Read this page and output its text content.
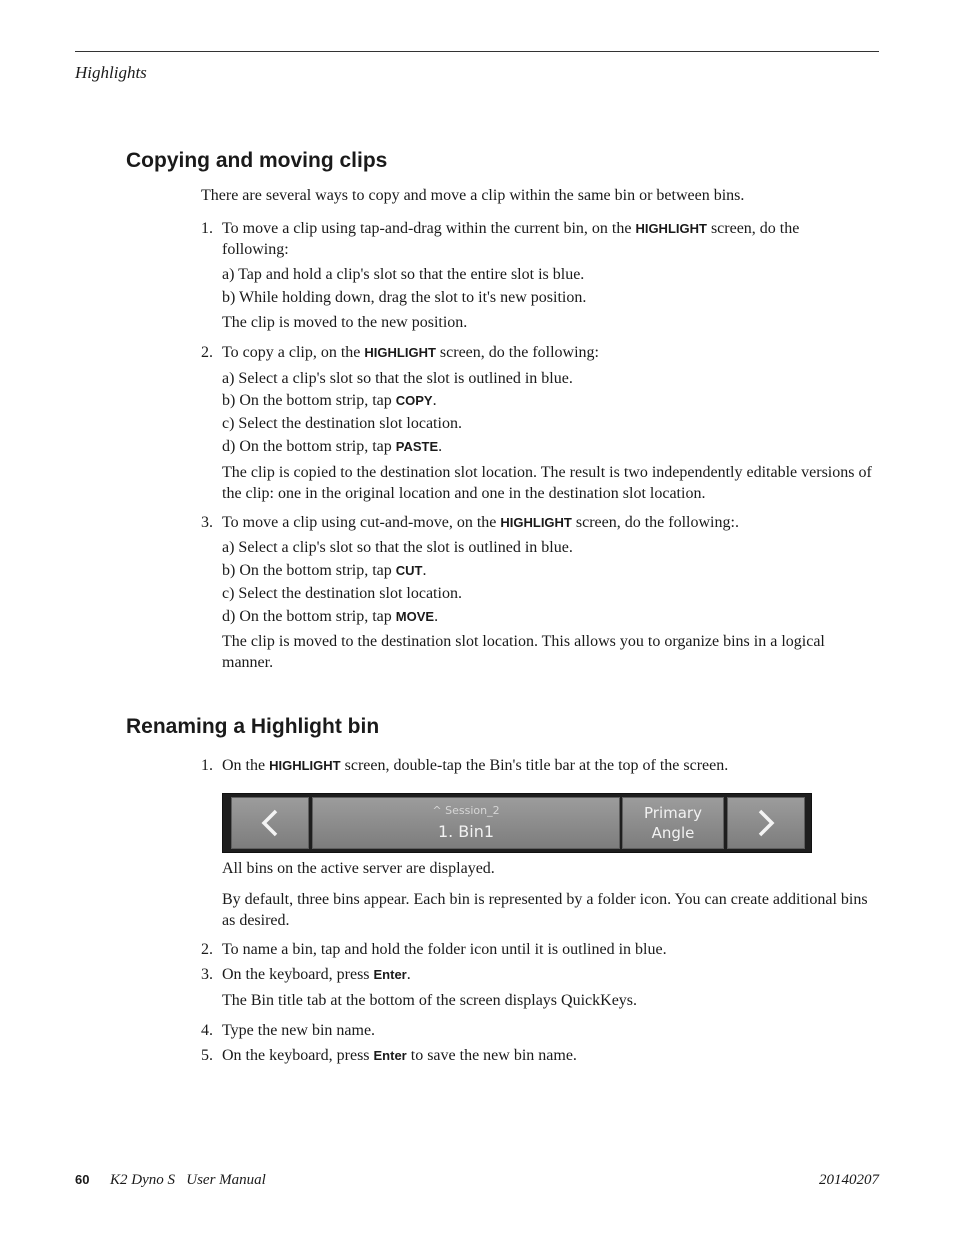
Highlights
Copying and moving clips
There are several ways to copy and move a clip within the same bin or between bins.
1. To move a clip using tap-and-drag within the current bin, on the HIGHLIGHT screen, do the following:
a) Tap and hold a clip's slot so that the entire slot is blue.
b) While holding down, drag the slot to it's new position.
The clip is moved to the new position.
2. To copy a clip, on the HIGHLIGHT screen, do the following:
a) Select a clip's slot so that the slot is outlined in blue.
b) On the bottom strip, tap COPY.
c) Select the destination slot location.
d) On the bottom strip, tap PASTE.
The clip is copied to the destination slot location. The result is two independently editable versions of the clip: one in the original location and one in the destination slot location.
3. To move a clip using cut-and-move, on the HIGHLIGHT screen, do the following:.
a) Select a clip's slot so that the slot is outlined in blue.
b) On the bottom strip, tap CUT.
c) Select the destination slot location.
d) On the bottom strip, tap MOVE.
The clip is moved to the destination slot location. This allows you to organize bins in a logical manner.
Renaming a Highlight bin
1. On the HIGHLIGHT screen, double-tap the Bin's title bar at the top of the screen.
^ Session_2
1. Bin1
Primary
Angle
All bins on the active server are displayed.
By default, three bins appear. Each bin is represented by a folder icon. You can create additional bins as desired.
2. To name a bin, tap and hold the folder icon until it is outlined in blue.
3. On the keyboard, press Enter.
The Bin title tab at the bottom of the screen displays QuickKeys.
4. Type the new bin name.
5. On the keyboard, press Enter to save the new bin name.
60 K2 Dyno S   User Manual	20140207
